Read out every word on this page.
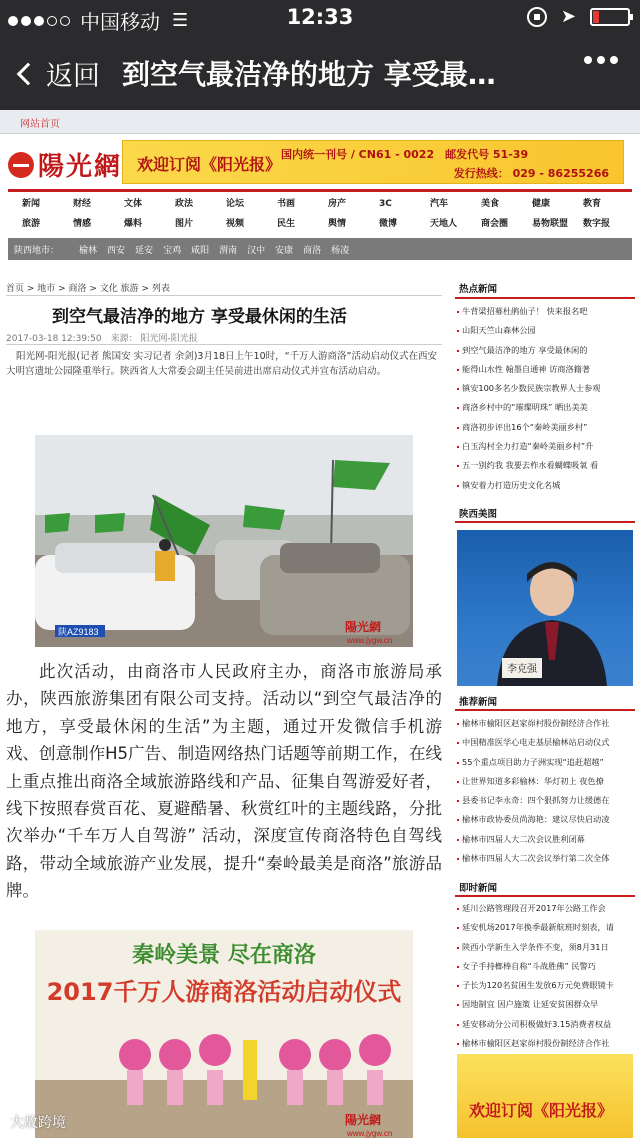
中国移动 ☰	12:33	➤
返回 到空气最洁净的地方 享受最…
网站首页
陽光網 欢迎订阅《阳光报》
国内统一刊号 / CN61 - 0022　邮发代号 51-39
发行热线： 029 - 86255266
新闻	财经	文体	政法	论坛	书画	房产	3C	汽车	美食	健康	教育
旅游	情感	爆料	图片	视频	民生	舆情	微博	天地人	商会圈	易物联盟	数字报
陕西地市： 榆林 西安 延安 宝鸡 咸阳 渭南 汉中 安康 商洛 杨凌
首页 > 地市 > 商洛 > 文化 旅游 > 列表
到空气最洁净的地方 享受最休闲的生活
2017-03-18 12:39:50　来源： 阳光网-阳光报

阳光网-阳光报(记者 熊国安 实习记者 余剑)3月18日上午10时，“千万人游商洛”活动启动仪式在西安大明宫遗址公园隆重举行。陕西省人大常委会副主任吴前进出席启动仪式并宣布活动启动。

陕AZ9183	陽光網
www.jygw.cn

此次活动，由商洛市人民政府主办，商洛市旅游局承办，陕西旅游集团有限公司支持。活动以“到空气最洁净的地方，享受最休闲的生活”为主题，通过开发微信手机游戏、创意制作H5广告、制造网络热门话题等前期工作，在线上重点推出商洛全域旅游路线和产品、征集自驾游爱好者，线下按照春赏百花、夏避酷暑、秋赏红叶的主题线路，分批次举办“千车万人自驾游” 活动，深度宣传商洛特色自驾线路，带动全域旅游产业发展，提升“秦岭最美是商洛”旅游品牌。

秦岭美景 尽在商洛
2017千万人游商洛活动启动仪式
陽光網
www.jygw.cn
热点新闻
牛背梁招募杜鹃仙子！ 快来报名吧
山阳天竺山森林公园
到空气最洁净的地方 享受最休闲的
能得山水性 翰墨自通神 访商洛籍著
镇安100多名少数民族宗教界人士参观
商洛乡村中的“璀璨明珠” 晒出美美
商洛初步评出16个“秦岭美丽乡村”
白玉沟村全力打造“秦岭美丽乡村”升
五一别约我 我要去柞水看蝴蝶吸氧 看
镇安着力打造历史文化名城
陕西美图
李克强
推荐新闻
榆林市榆阳区赵家峁村股份制经济合作社
中国精准医学心电走基层榆林站启动仪式
55个重点项目助力子洲实现“追赶超越”
让世界知道多彩榆林：华灯初上 夜色撩
县委书记李永奇：四个狠抓努力让缓德在
榆林市政协委员尚海艳：建议尽快启动凌
榆林市四届人大二次会议胜利闭幕
榆林市四届人大二次会议举行第二次全体
即时新闻
延川公路管理段召开2017年公路工作会
延安机场2017年换季最新航班时刻表，请
陕西小学新生入学条件不变，须8月31日
女子手持榔棒自称“斗战胜佛” 民警巧
子长为120名贫困生发放6万元免费眼镜卡
因地制宜 因户施策 让延安贫困群众早
延安移动分公司积极做好3.15消费者权益
榆林市榆阳区赵家峁村股份制经济合作社
欢迎订阅《阳光报》
大故跨境
